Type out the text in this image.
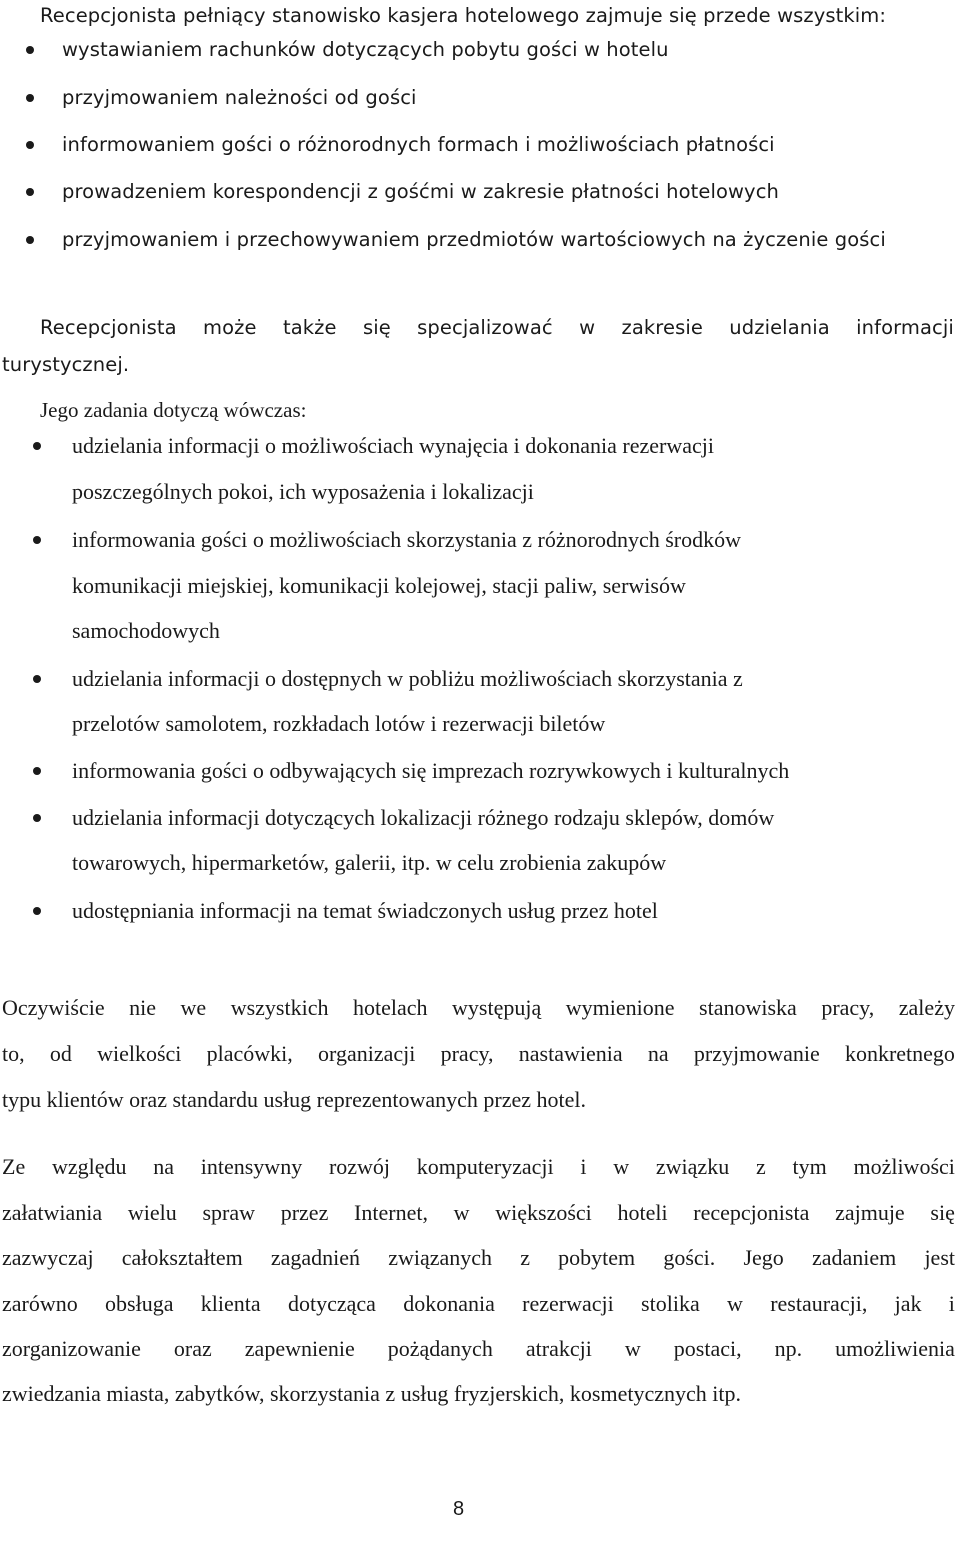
Recepcjonista pełniący stanowisko kasjera hotelowego zajmuje się przede wszystkim:
wystawianiem rachunków dotyczących pobytu gości w hotelu
przyjmowaniem należności od gości
informowaniem gości o różnorodnych formach i możliwościach płatności
prowadzeniem korespondencji z gośćmi w zakresie płatności hotelowych
przyjmowaniem i przechowywaniem przedmiotów wartościowych na życzenie gości
Recepcjonista może także się specjalizować w zakresie udzielania informacji
turystycznej.
Jego zadania dotyczą wówczas:
udzielania informacji o możliwościach wynajęcia i dokonania rezerwacji
poszczególnych pokoi, ich wyposażenia i lokalizacji
informowania gości o możliwościach skorzystania z różnorodnych środków
komunikacji miejskiej, komunikacji kolejowej, stacji paliw, serwisów
samochodowych
udzielania informacji o dostępnych w pobliżu możliwościach skorzystania z
przelotów samolotem, rozkładach lotów i rezerwacji biletów
informowania gości o odbywających się imprezach rozrywkowych i kulturalnych
udzielania informacji dotyczących lokalizacji różnego rodzaju sklepów, domów
towarowych, hipermarketów, galerii, itp. w celu zrobienia zakupów
udostępniania informacji na temat świadczonych usług przez hotel
Oczywiście nie we wszystkich hotelach występują wymienione stanowiska pracy, zależy
to, od wielkości placówki, organizacji pracy, nastawienia na przyjmowanie konkretnego
typu klientów oraz standardu usług reprezentowanych przez hotel.
Ze względu na intensywny rozwój komputeryzacji i w związku z tym możliwości
załatwiania wielu spraw przez Internet, w większości hoteli recepcjonista zajmuje się
zazwyczaj całokształtem zagadnień związanych z pobytem gości. Jego zadaniem jest
zarówno obsługa klienta dotycząca dokonania rezerwacji stolika w restauracji, jak i
zorganizowanie oraz zapewnienie pożądanych atrakcji w postaci, np. umożliwienia
zwiedzania miasta, zabytków, skorzystania z usług fryzjerskich, kosmetycznych itp.
8
